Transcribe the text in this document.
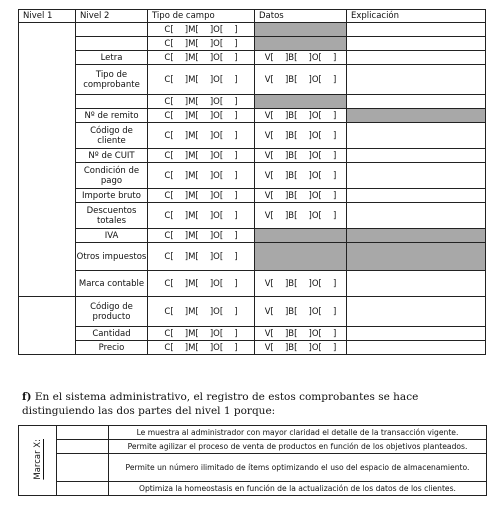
Nivel 1	Nivel 2	Tipo de campo	Datos	Explicación
		C[   ]M[   ]O[   ]		
		C[   ]M[   ]O[   ]		
	Letra	C[   ]M[   ]O[   ]	V[   ]B[   ]O[   ]	
	Tipo de comprobante	C[   ]M[   ]O[   ]	V[   ]B[   ]O[   ]	
		C[   ]M[   ]O[   ]		
	Nº de remito	C[   ]M[   ]O[   ]	V[   ]B[   ]O[   ]	
	Código de cliente	C[   ]M[   ]O[   ]	V[   ]B[   ]O[   ]	
	Nº de CUIT	C[   ]M[   ]O[   ]	V[   ]B[   ]O[   ]	
	Condición de pago	C[   ]M[   ]O[   ]	V[   ]B[   ]O[   ]	
	Importe bruto	C[   ]M[   ]O[   ]	V[   ]B[   ]O[   ]	
	Descuentos totales	C[   ]M[   ]O[   ]	V[   ]B[   ]O[   ]	
	IVA	C[   ]M[   ]O[   ]		
	Otros impuestos	C[   ]M[   ]O[   ]		
	Marca contable	C[   ]M[   ]O[   ]	V[   ]B[   ]O[   ]	
	Código de producto	C[   ]M[   ]O[   ]	V[   ]B[   ]O[   ]	
	Cantidad	C[   ]M[   ]O[   ]	V[   ]B[   ]O[   ]	
	Precio	C[   ]M[   ]O[   ]	V[   ]B[   ]O[   ]	
f) En el sistema administrativo, el registro de estos comprobantes se hace distinguiendo las dos partes del nivel 1 porque:
Marcar X:		Le muestra al administrador con mayor claridad el detalle de la transacción vigente.
		Permite agilizar el proceso de venta de productos en función de los objetivos planteados.
		Permite un número ilimitado de ítems optimizando el uso del espacio de almacenamiento.
		Optimiza la homeostasis en función de la actualización de los datos de los clientes.
